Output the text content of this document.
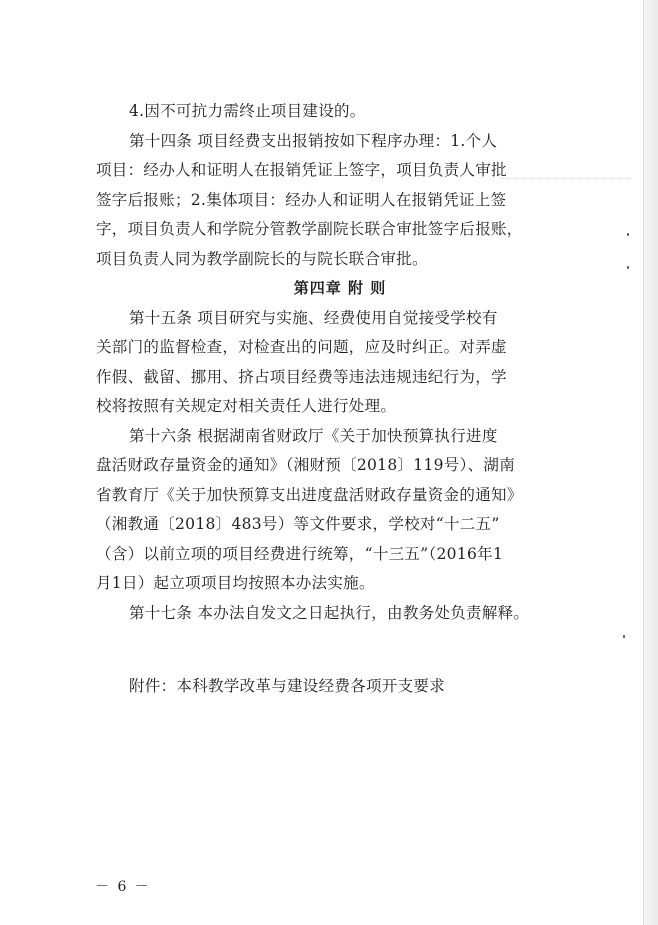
4.因不可抗力需终止项目建设的。
第十四条 项目经费支出报销按如下程序办理：1.个人
项目：经办人和证明人在报销凭证上签字，项目负责人审批
签字后报账；2.集体项目：经办人和证明人在报销凭证上签
字，项目负责人和学院分管教学副院长联合审批签字后报账，
项目负责人同为教学副院长的与院长联合审批。
第四章 附 则
第十五条 项目研究与实施、经费使用自觉接受学校有
关部门的监督检查，对检查出的问题，应及时纠正。对弄虚
作假、截留、挪用、挤占项目经费等违法违规违纪行为，学
校将按照有关规定对相关责任人进行处理。
第十六条 根据湖南省财政厅《关于加快预算执行进度
盘活财政存量资金的通知》（湘财预〔2018〕119号）、湖南
省教育厅《关于加快预算支出进度盘活财政存量资金的通知》
（湘教通〔2018〕483号）等文件要求，学校对“十二五”
（含）以前立项的项目经费进行统筹，“十三五”（2016年1
月1日）起立项项目均按照本办法实施。
第十七条 本办法自发文之日起执行，由教务处负责解释。
附件：本科教学改革与建设经费各项开支要求
－ 6 －
